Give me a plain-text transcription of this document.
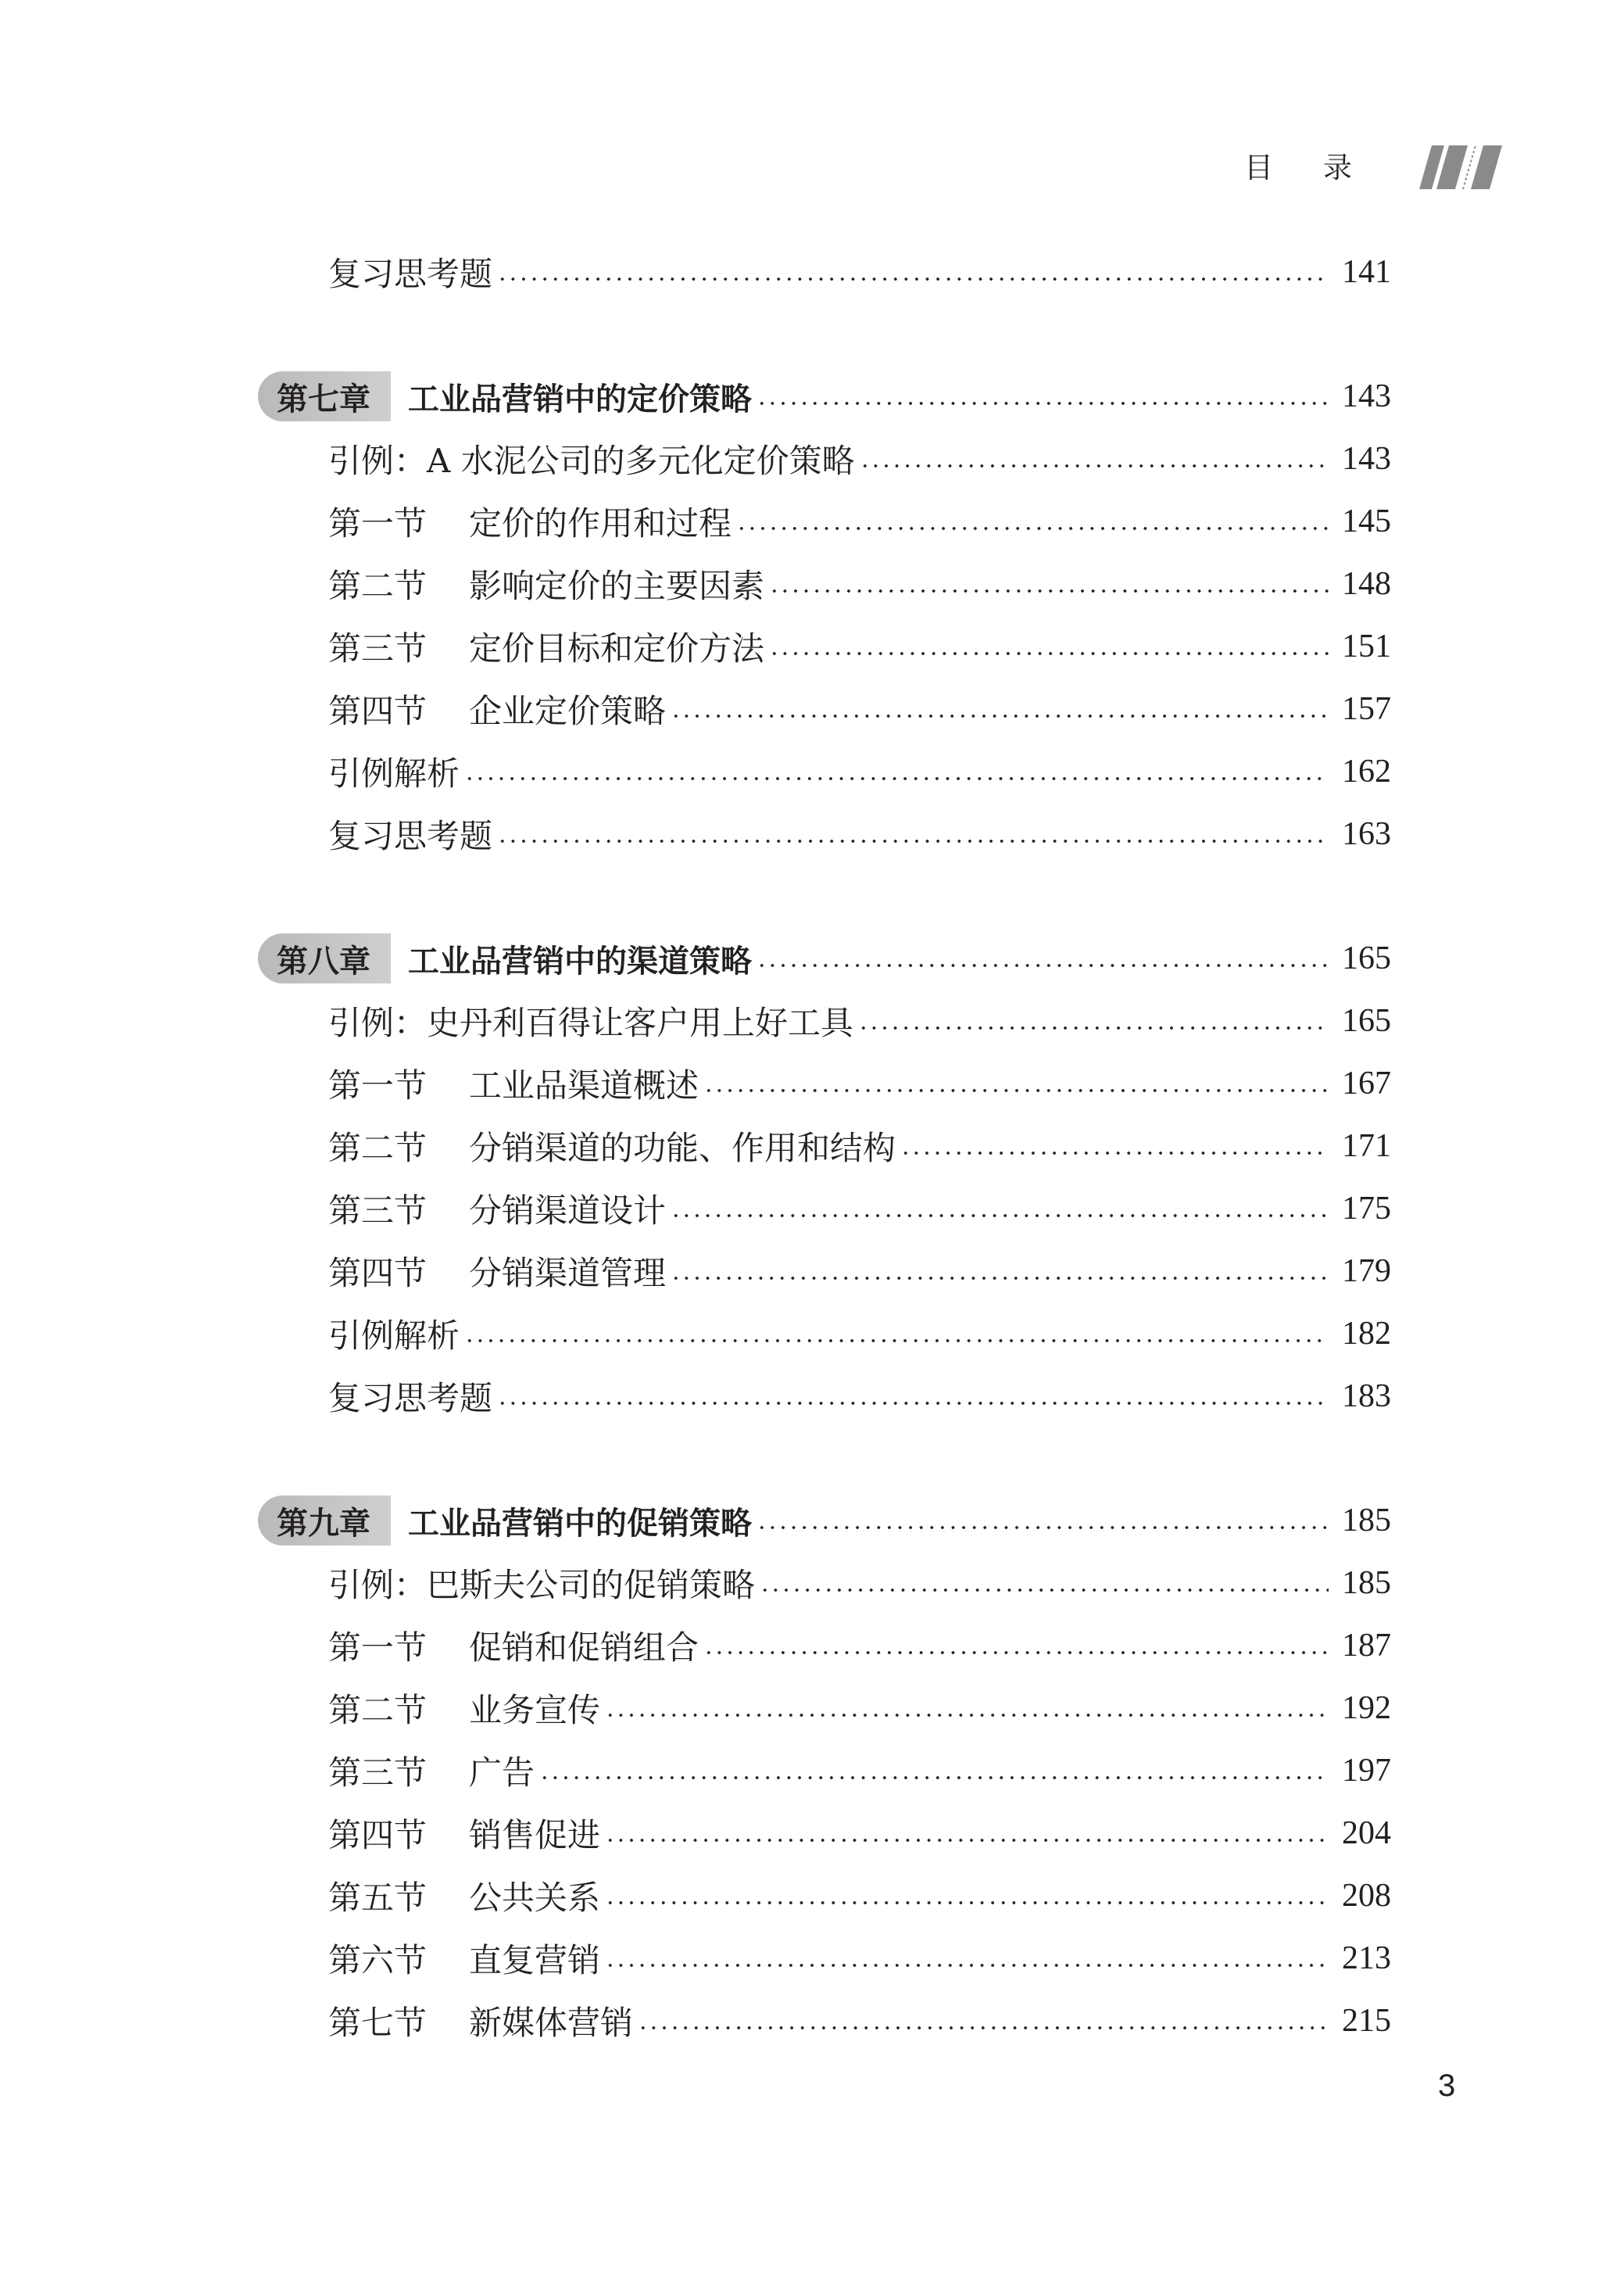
目录
复习思考题	141
第七章	工业品营销中的定价策略	143
引例：A 水泥公司的多元化定价策略	143
第一节	定价的作用和过程	145
第二节	影响定价的主要因素	148
第三节	定价目标和定价方法	151
第四节	企业定价策略	157
引例解析	162
复习思考题	163
第八章	工业品营销中的渠道策略	165
引例：史丹利百得让客户用上好工具	165
第一节	工业品渠道概述	167
第二节	分销渠道的功能、作用和结构	171
第三节	分销渠道设计	175
第四节	分销渠道管理	179
引例解析	182
复习思考题	183
第九章	工业品营销中的促销策略	185
引例：巴斯夫公司的促销策略	185
第一节	促销和促销组合	187
第二节	业务宣传	192
第三节	广告	197
第四节	销售促进	204
第五节	公共关系	208
第六节	直复营销	213
第七节	新媒体营销	215
3
